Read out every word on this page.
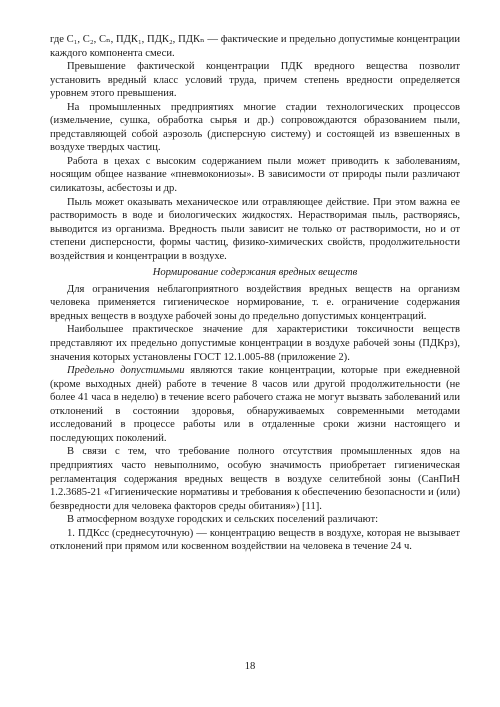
где С₁, С₂, Сₙ, ПДК₁, ПДК₂, ПДКₙ — фактические и предельно допустимые концентрации каждого компонента смеси.

Превышение фактической концентрации ПДК вредного вещества позволит установить вредный класс условий труда, причем степень вредности определяется уровнем этого превышения.

На промышленных предприятиях многие стадии технологических процессов (измельчение, сушка, обработка сырья и др.) сопровождаются образованием пыли, представляющей собой аэрозоль (дисперсную систему) и состоящей из взвешенных в воздухе твердых частиц.

Работа в цехах с высоким содержанием пыли может приводить к заболеваниям, носящим общее название «пневмокониозы». В зависимости от природы пыли различают силикатозы, асбестозы и др.

Пыль может оказывать механическое или отравляющее действие. При этом важна ее растворимость в воде и биологических жидкостях. Нерастворимая пыль, растворяясь, выводится из организма. Вредность пыли зависит не только от растворимости, но и от степени дисперсности, формы частиц, физико-химических свойств, продолжительности воздействия и концентрации в воздухе.

Нормирование содержания вредных веществ

Для ограничения неблагоприятного воздействия вредных веществ на организм человека применяется гигиеническое нормирование, т. е. ограничение содержания вредных веществ в воздухе рабочей зоны до предельно допустимых концентраций.

Наибольшее практическое значение для характеристики токсичности веществ представляют их предельно допустимые концентрации в воздухе рабочей зоны (ПДКрз), значения которых установлены ГОСТ 12.1.005-88 (приложение 2).

Предельно допустимыми являются такие концентрации, которые при ежедневной (кроме выходных дней) работе в течение 8 часов или другой продолжительности (не более 41 часа в неделю) в течение всего рабочего стажа не могут вызвать заболеваний или отклонений в состоянии здоровья, обнаруживаемых современными методами исследований в процессе работы или в отдаленные сроки жизни настоящего и последующих поколений.

В связи с тем, что требование полного отсутствия промышленных ядов на предприятиях часто невыполнимо, особую значимость приобретает гигиеническая регламентация содержания вредных веществ в воздухе селитебной зоны (СанПиН 1.2.3685-21 «Гигиенические нормативы и требования к обеспечению безопасности и (или) безвредности для человека факторов среды обитания») [11].

В атмосферном воздухе городских и сельских поселений различают:

1. ПДКсс (среднесуточную) — концентрацию веществ в воздухе, которая не вызывает отклонений при прямом или косвенном воздействии на человека в течение 24 ч.

18
